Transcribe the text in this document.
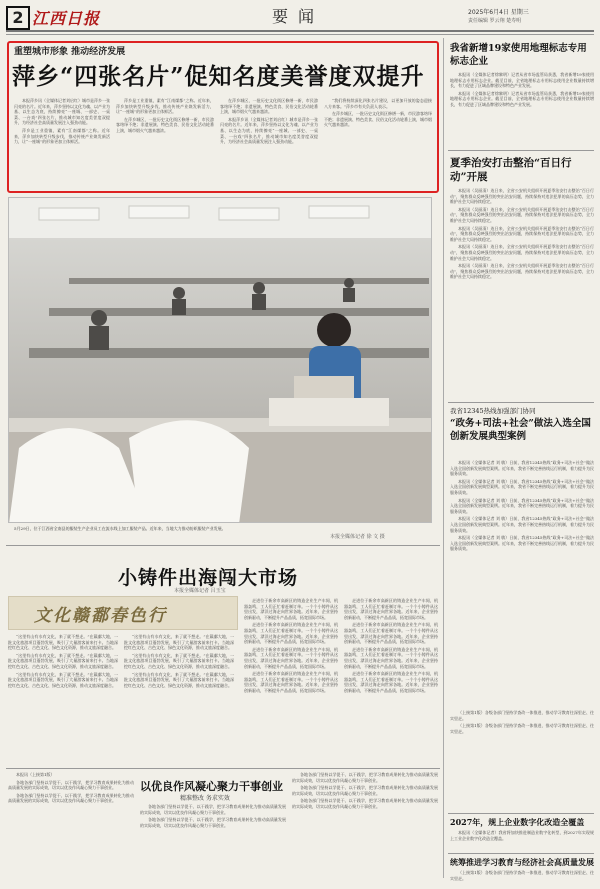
2 江西日报	要闻	2025年6月4日 星期三
责任编辑 罗云翔 楚寿明
重塑城市形象 推动经济发展
萍乡“四张名片”促知名度美誉度双提升

本报萍乡讯（全媒体记者刘启红）城市是萍乡一张闪亮的名片。近年来，萍乡坚持以文化为魂、以产业为基、以生态为底，持续擦亮“一座城、一部史、一桌菜、一台戏”四张名片，推动城市知名度美誉度双提升，为经济社会高质量发展注入强劲动能。

萍乡是工业重镇，素有“江南煤都”之称。近年来，萍乡加快转型升级步伐，推动传统产业焕发新活力，让“一座城”的形象更加立体鲜活。

萍乡是工业重镇，素有“江南煤都”之称。近年来，萍乡加快转型升级步伐，推动传统产业焕发新活力，让“一座城”的形象更加立体鲜活。

在萍乡城区，一批历史文化街区修缮一新，市民游客络绎不绝；非遗展演、特色美食、民俗文化活动轮番上演，城市烟火气越来越浓。

在萍乡城区，一批历史文化街区修缮一新，市民游客络绎不绝；非遗展演、特色美食、民俗文化活动轮番上演，城市烟火气越来越浓。

本报萍乡讯（全媒体记者刘启红）城市是萍乡一张闪亮的名片。近年来，萍乡坚持以文化为魂、以产业为基、以生态为底，持续擦亮“一座城、一部史、一桌菜、一台戏”四张名片，推动城市知名度美誉度双提升，为经济社会高质量发展注入强劲动能。

“我们将持续深化四张名片建设，以更加开放的姿态迎接八方来客。”萍乡市有关负责人表示。

在萍乡城区，一批历史文化街区修缮一新，市民游客络绎不绝；非遗展演、特色美食、民俗文化活动轮番上演，城市烟火气越来越浓。

我省新增19家使用地理标志专用标志企业

本报讯（全媒体记者徐黎明）记者从省市场监管局获悉，我省新增19家使用地理标志专用标志企业。截至目前，全省地理标志专用标志使用企业数量持续增长，有力促进了区域品牌建设和特色产业发展。

本报讯（全媒体记者徐黎明）记者从省市场监管局获悉，我省新增19家使用地理标志专用标志企业。截至目前，全省地理标志专用标志使用企业数量持续增长，有力促进了区域品牌建设和特色产业发展。

夏季治安打击整治“百日行动”开展

本报讯（吴丽清）连日来，全省公安机关组织开展夏季治安打击整治“百日行动”，聚焦群众反映强烈的突出治安问题，持续保持对违法犯罪的高压态势，全力维护社会大局持续稳定。

本报讯（吴丽清）连日来，全省公安机关组织开展夏季治安打击整治“百日行动”，聚焦群众反映强烈的突出治安问题，持续保持对违法犯罪的高压态势，全力维护社会大局持续稳定。

本报讯（吴丽清）连日来，全省公安机关组织开展夏季治安打击整治“百日行动”，聚焦群众反映强烈的突出治安问题，持续保持对违法犯罪的高压态势，全力维护社会大局持续稳定。

本报讯（吴丽清）连日来，全省公安机关组织开展夏季治安打击整治“百日行动”，聚焦群众反映强烈的突出治安问题，持续保持对违法犯罪的高压态势，全力维护社会大局持续稳定。

本报讯（吴丽清）连日来，全省公安机关组织开展夏季治安打击整治“百日行动”，聚焦群众反映强烈的突出治安问题，持续保持对违法犯罪的高压态势，全力维护社会大局持续稳定。

我省12345热线加强部门协同
“政务+司法+社会”做法入选全国创新发展典型案例

本报讯（全媒体记者 刘 敏）日前，我省12345热线“政务+司法+社会”做法入选全国创新发展典型案例。近年来，我省不断完善热线运行机制，着力提升为民服务质效。

本报讯（全媒体记者 刘 敏）日前，我省12345热线“政务+司法+社会”做法入选全国创新发展典型案例。近年来，我省不断完善热线运行机制，着力提升为民服务质效。

本报讯（全媒体记者 刘 敏）日前，我省12345热线“政务+司法+社会”做法入选全国创新发展典型案例。近年来，我省不断完善热线运行机制，着力提升为民服务质效。

本报讯（全媒体记者 刘 敏）日前，我省12345热线“政务+司法+社会”做法入选全国创新发展典型案例。近年来，我省不断完善热线运行机制，着力提升为民服务质效。

本报讯（全媒体记者 刘 敏）日前，我省12345热线“政务+司法+社会”做法入选全国创新发展典型案例。近年来，我省不断完善热线运行机制，着力提升为民服务质效。

（上接第1版）各级各部门坚持学查改一体推进，推动学习教育往深里走、往实里走。

（上接第1版）各级各部门坚持学查改一体推进，推动学习教育往深里走、往实里走。

2027年，规上企业数字化改造全覆盖

本报讯（全媒体记者）我省将加快推进制造业数字化转型，到2027年实现规上工业企业数字化改造全覆盖。

统筹推进学习教育与经济社会高质量发展

（上接第1版）各级各部门坚持学查改一体推进，推动学习教育往深里走、往实里走。

5月29日，位于江西省全南县的服装生产企业员工在流水线上加工服装产品。近年来，当地大力推动纺织服装产业发展。
本报全媒体记者 徐 文 摄
小铸件出海闯大市场
本报全媒体记者 吕玉宝
文化赣鄱春色行

“这里有山有水有文化，来了就不想走。”在赣鄱大地，一批文化旅游项目蓬勃发展，吸引了大量游客前来打卡。当地深挖红色文化、古色文化、绿色文化资源，推动文旅深度融合。

“这里有山有水有文化，来了就不想走。”在赣鄱大地，一批文化旅游项目蓬勃发展，吸引了大量游客前来打卡。当地深挖红色文化、古色文化、绿色文化资源，推动文旅深度融合。

“这里有山有水有文化，来了就不想走。”在赣鄱大地，一批文化旅游项目蓬勃发展，吸引了大量游客前来打卡。当地深挖红色文化、古色文化、绿色文化资源，推动文旅深度融合。

“这里有山有水有文化，来了就不想走。”在赣鄱大地，一批文化旅游项目蓬勃发展，吸引了大量游客前来打卡。当地深挖红色文化、古色文化、绿色文化资源，推动文旅深度融合。

“这里有山有水有文化，来了就不想走。”在赣鄱大地，一批文化旅游项目蓬勃发展，吸引了大量游客前来打卡。当地深挖红色文化、古色文化、绿色文化资源，推动文旅深度融合。

“这里有山有水有文化，来了就不想走。”在赣鄱大地，一批文化旅游项目蓬勃发展，吸引了大量游客前来打卡。当地深挖红色文化、古色文化、绿色文化资源，推动文旅深度融合。

走进位于新余市高新区的铸造企业生产车间，机器轰鸣，工人们正忙着赶制订单。一个个小铸件从这里出发，漂洋过海走向世界各地。近年来，企业坚持创新驱动，不断提升产品品质，拓宽国际市场。

走进位于新余市高新区的铸造企业生产车间，机器轰鸣，工人们正忙着赶制订单。一个个小铸件从这里出发，漂洋过海走向世界各地。近年来，企业坚持创新驱动，不断提升产品品质，拓宽国际市场。

走进位于新余市高新区的铸造企业生产车间，机器轰鸣，工人们正忙着赶制订单。一个个小铸件从这里出发，漂洋过海走向世界各地。近年来，企业坚持创新驱动，不断提升产品品质，拓宽国际市场。

走进位于新余市高新区的铸造企业生产车间，机器轰鸣，工人们正忙着赶制订单。一个个小铸件从这里出发，漂洋过海走向世界各地。近年来，企业坚持创新驱动，不断提升产品品质，拓宽国际市场。

走进位于新余市高新区的铸造企业生产车间，机器轰鸣，工人们正忙着赶制订单。一个个小铸件从这里出发，漂洋过海走向世界各地。近年来，企业坚持创新驱动，不断提升产品品质，拓宽国际市场。

走进位于新余市高新区的铸造企业生产车间，机器轰鸣，工人们正忙着赶制订单。一个个小铸件从这里出发，漂洋过海走向世界各地。近年来，企业坚持创新驱动，不断提升产品品质，拓宽国际市场。

走进位于新余市高新区的铸造企业生产车间，机器轰鸣，工人们正忙着赶制订单。一个个小铸件从这里出发，漂洋过海走向世界各地。近年来，企业坚持创新驱动，不断提升产品品质，拓宽国际市场。

走进位于新余市高新区的铸造企业生产车间，机器轰鸣，工人们正忙着赶制订单。一个个小铸件从这里出发，漂洋过海走向世界各地。近年来，企业坚持创新驱动，不断提升产品品质，拓宽国际市场。

本报讯（上接第1版）

各地各部门坚持以学促干、以干践学，把学习教育成果转化为推动高质量发展的实际成效，切实以优良作风凝心聚力干事创业。

各地各部门坚持以学促干、以干践学，把学习教育成果转化为推动高质量发展的实际成效，切实以优良作风凝心聚力干事创业。

以优良作风凝心聚力干事创业
精准整改 务求实效

各地各部门坚持以学促干、以干践学，把学习教育成果转化为推动高质量发展的实际成效，切实以优良作风凝心聚力干事创业。

各地各部门坚持以学促干、以干践学，把学习教育成果转化为推动高质量发展的实际成效，切实以优良作风凝心聚力干事创业。

各地各部门坚持以学促干、以干践学，把学习教育成果转化为推动高质量发展的实际成效，切实以优良作风凝心聚力干事创业。

各地各部门坚持以学促干、以干践学，把学习教育成果转化为推动高质量发展的实际成效，切实以优良作风凝心聚力干事创业。

各地各部门坚持以学促干、以干践学，把学习教育成果转化为推动高质量发展的实际成效，切实以优良作风凝心聚力干事创业。
